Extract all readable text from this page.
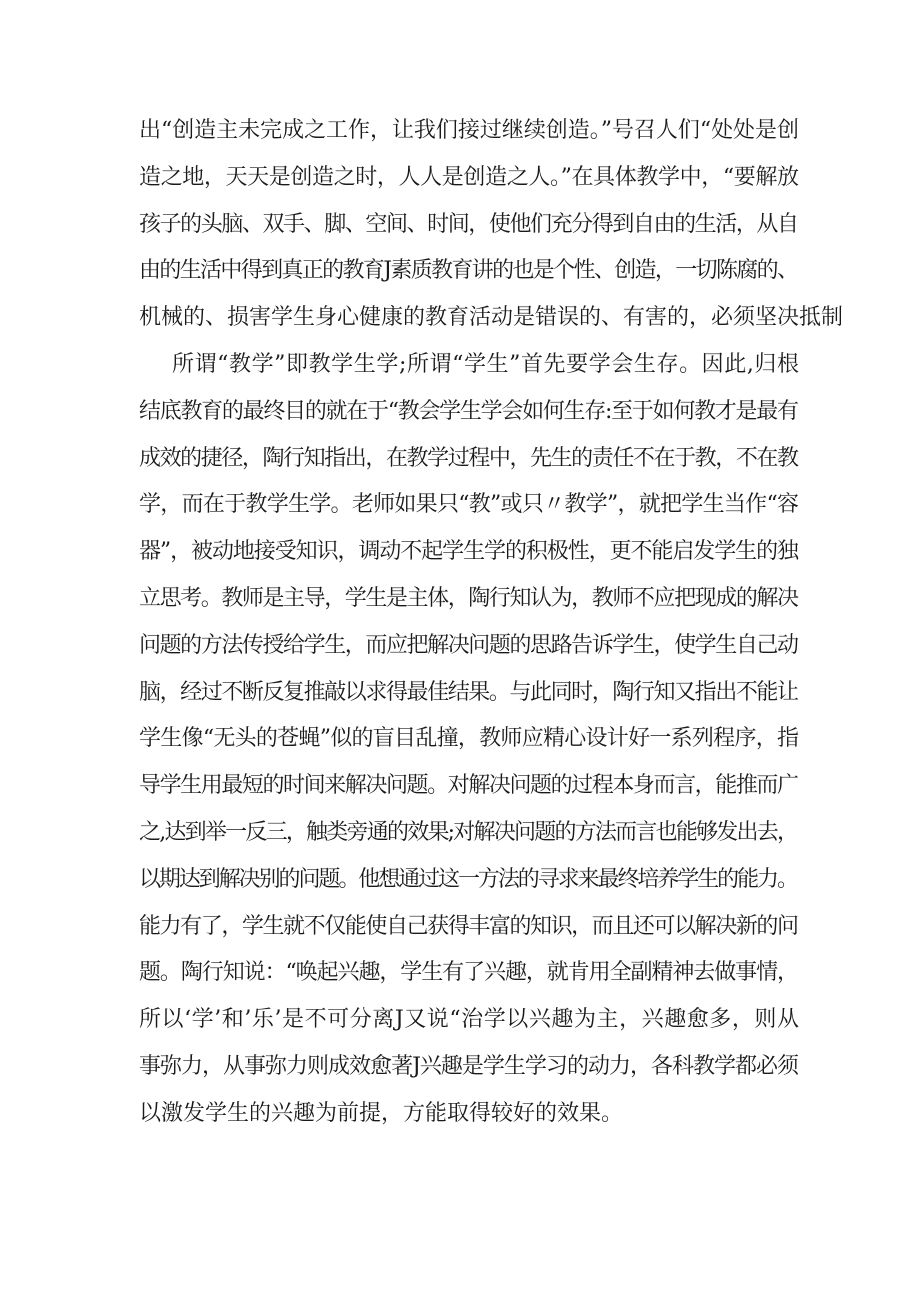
出“创造主未完成之工作，让我们接过继续创造。”号召人们“处处是创
造之地，天天是创造之时，人人是创造之人。”在具体教学中，“要解放
孩子的头脑、双手、脚、空间、时间，使他们充分得到自由的生活，从自
由的生活中得到真正的教育J素质教育讲的也是个性、创造，一切陈腐的、
机械的、损害学生身心健康的教育活动是错误的、有害的，必须坚决抵制
所谓“教学”即教学生学;所谓“学生”首先要学会生存。因此,归根
结底教育的最终目的就在于“教会学生学会如何生存:至于如何教才是最有
成效的捷径，陶行知指出，在教学过程中，先生的责任不在于教，不在教
学，而在于教学生学。老师如果只“教”或只〃教学”，就把学生当作“容
器”，被动地接受知识，调动不起学生学的积极性，更不能启发学生的独
立思考。教师是主导，学生是主体，陶行知认为，教师不应把现成的解决
问题的方法传授给学生，而应把解决问题的思路告诉学生，使学生自己动
脑，经过不断反复推敲以求得最佳结果。与此同时，陶行知又指出不能让
学生像“无头的苍蝇”似的盲目乱撞，教师应精心设计好一系列程序，指
导学生用最短的时间来解决问题。对解决问题的过程本身而言，能推而广
之,达到举一反三，触类旁通的效果;对解决问题的方法而言也能够发出去，
以期达到解决别的问题。他想通过这一方法的寻求来最终培养学生的能力。
能力有了，学生就不仅能使自己获得丰富的知识，而且还可以解决新的问
题。陶行知说：“唤起兴趣，学生有了兴趣，就肯用全副精神去做事情，
所以‘学’和’乐’是不可分离J又说“治学以兴趣为主，兴趣愈多，则从
事弥力，从事弥力则成效愈著J兴趣是学生学习的动力，各科教学都必须
以激发学生的兴趣为前提，方能取得较好的效果。
